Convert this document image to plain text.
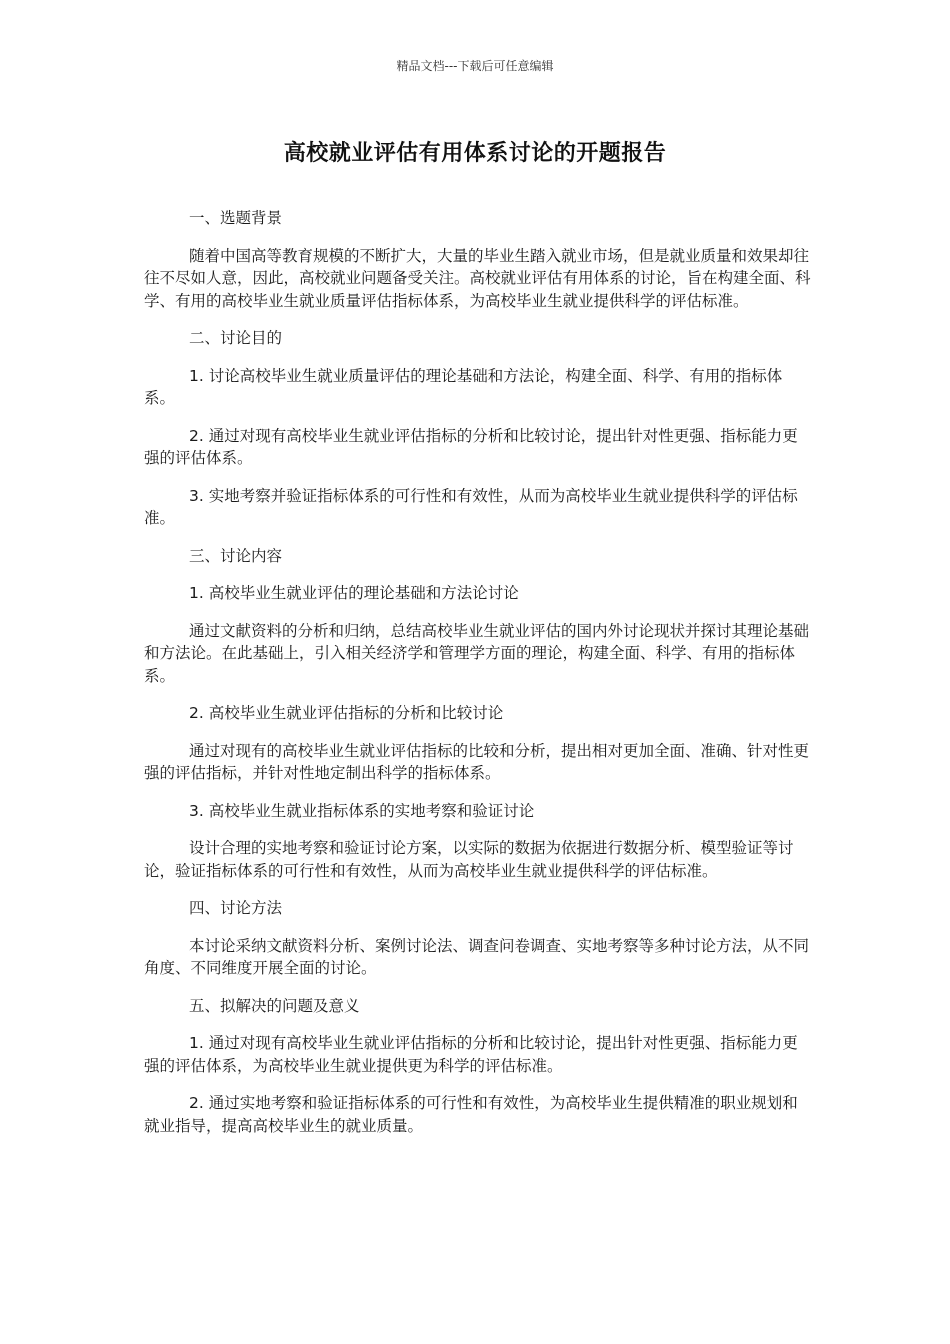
精品文档---下载后可任意编辑
高校就业评估有用体系讨论的开题报告

一、选题背景

随着中国高等教育规模的不断扩大，大量的毕业生踏入就业市场，但是就业质量和效果却往往不尽如人意，因此，高校就业问题备受关注。高校就业评估有用体系的讨论，旨在构建全面、科学、有用的高校毕业生就业质量评估指标体系，为高校毕业生就业提供科学的评估标准。

二、讨论目的

1. 讨论高校毕业生就业质量评估的理论基础和方法论，构建全面、科学、有用的指标体系。

2. 通过对现有高校毕业生就业评估指标的分析和比较讨论，提出针对性更强、指标能力更强的评估体系。

3. 实地考察并验证指标体系的可行性和有效性，从而为高校毕业生就业提供科学的评估标准。

三、讨论内容

1. 高校毕业生就业评估的理论基础和方法论讨论

通过文献资料的分析和归纳，总结高校毕业生就业评估的国内外讨论现状并探讨其理论基础和方法论。在此基础上，引入相关经济学和管理学方面的理论，构建全面、科学、有用的指标体系。

2. 高校毕业生就业评估指标的分析和比较讨论

通过对现有的高校毕业生就业评估指标的比较和分析，提出相对更加全面、准确、针对性更强的评估指标，并针对性地定制出科学的指标体系。

3. 高校毕业生就业指标体系的实地考察和验证讨论

设计合理的实地考察和验证讨论方案，以实际的数据为依据进行数据分析、模型验证等讨论，验证指标体系的可行性和有效性，从而为高校毕业生就业提供科学的评估标准。

四、讨论方法

本讨论采纳文献资料分析、案例讨论法、调查问卷调查、实地考察等多种讨论方法，从不同角度、不同维度开展全面的讨论。

五、拟解决的问题及意义

1. 通过对现有高校毕业生就业评估指标的分析和比较讨论，提出针对性更强、指标能力更强的评估体系，为高校毕业生就业提供更为科学的评估标准。

2. 通过实地考察和验证指标体系的可行性和有效性，为高校毕业生提供精准的职业规划和就业指导，提高高校毕业生的就业质量。
